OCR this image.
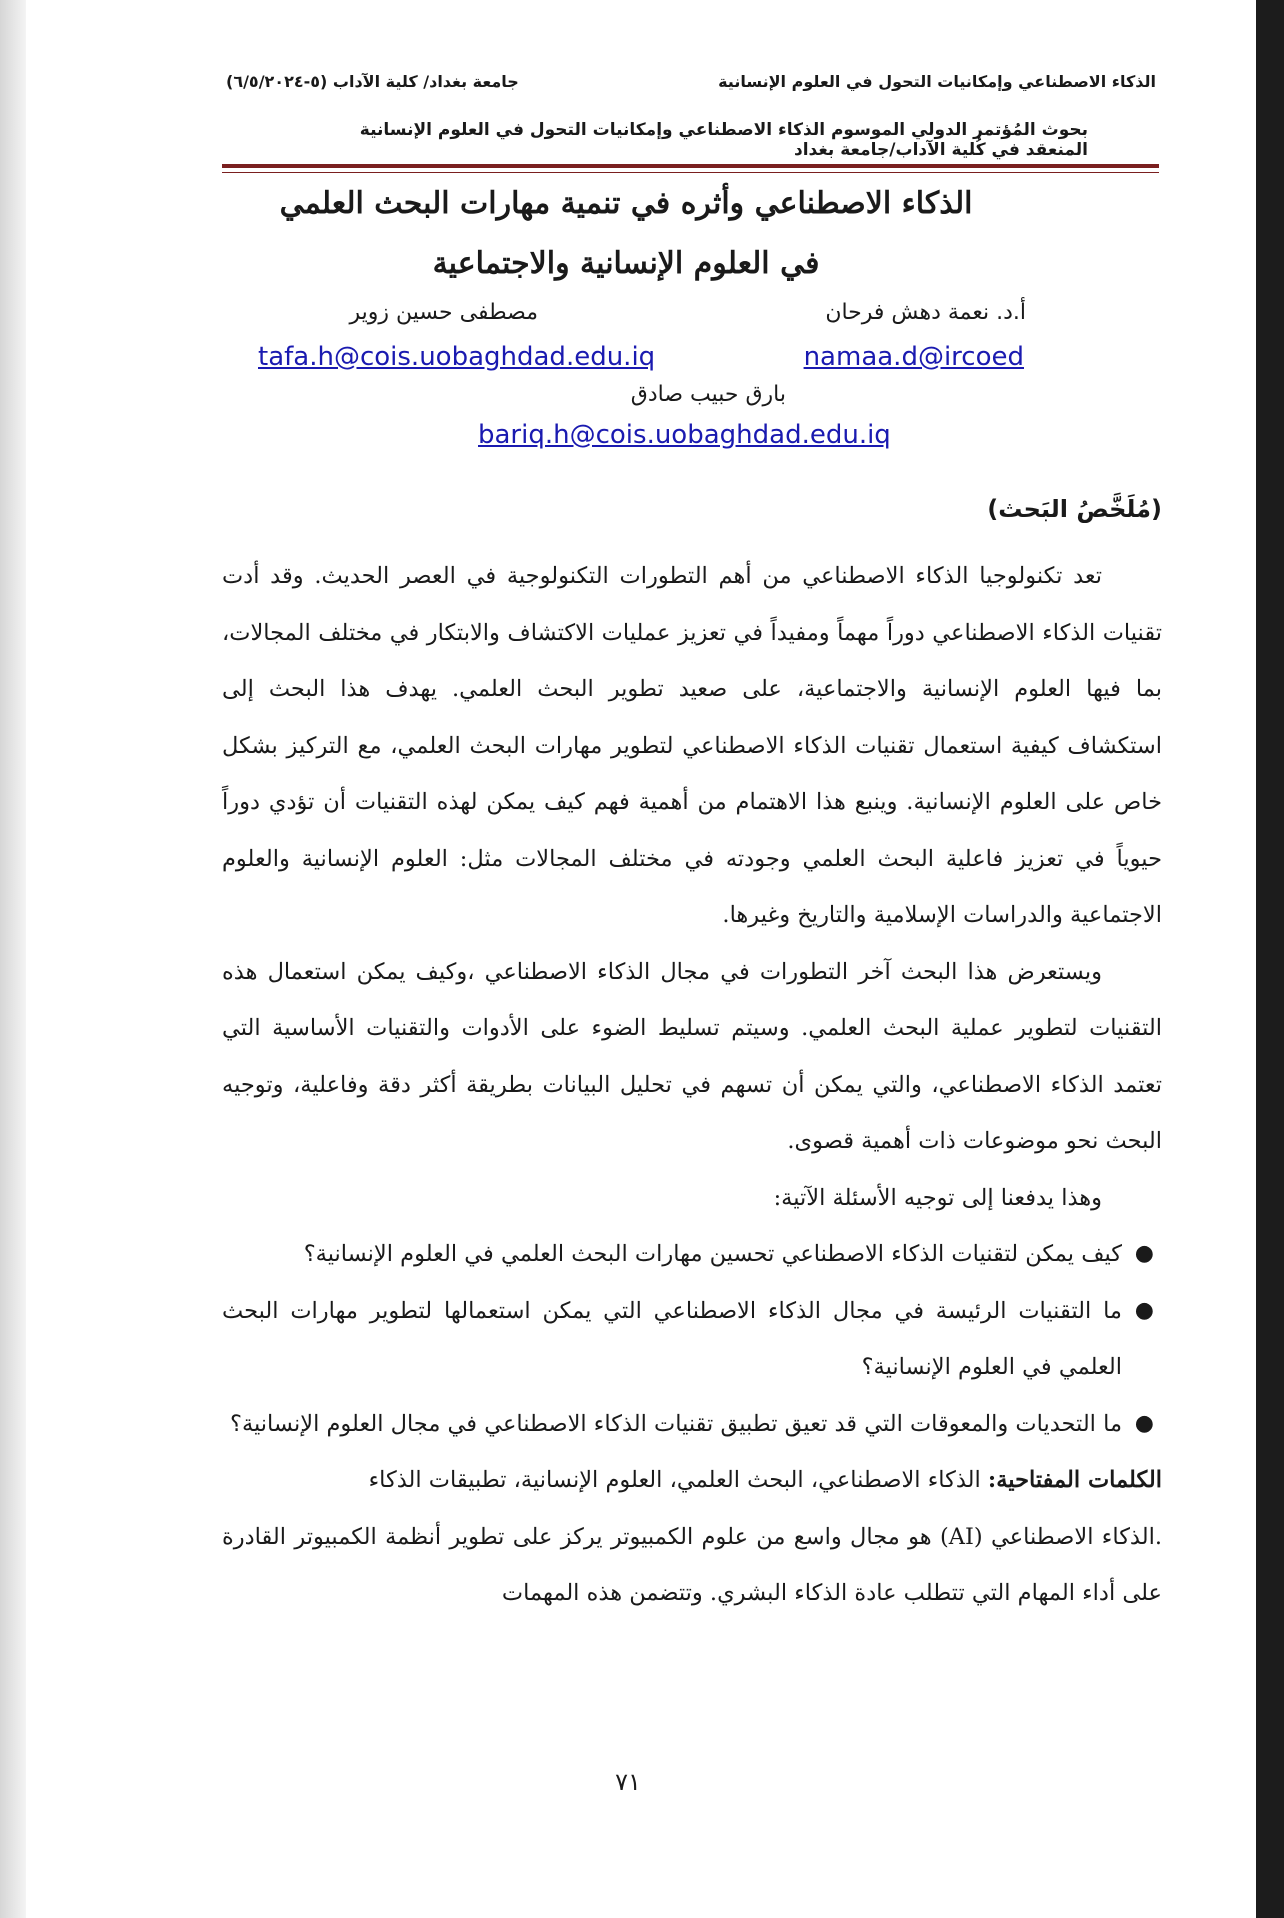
الذكاء الاصطناعي وإمكانيات التحول في العلوم الإنسانية
جامعة بغداد/ كلية الآداب (٥-٦/٥/٢٠٢٤)
بحوث المُؤتمر الدولي الموسوم الذكاء الاصطناعي وإمكانيات التحول في العلوم الإنسانية المنعقد في كُلية الآداب/جامعة بغداد
الذكاء الاصطناعي وأثره في تنمية مهارات البحث العلمي
في العلوم الإنسانية والاجتماعية
أ.د. نعمة دهش فرحان
namaa.d@ircoed
مصطفى حسين زوير
tafa.h@cois.uobaghdad.edu.iq
بارق حبيب صادق
bariq.h@cois.uobaghdad.edu.iq
(مُلَخَّصُ البَحث)

تعد تكنولوجيا الذكاء الاصطناعي من أهم التطورات التكنولوجية في العصر الحديث. وقد أدت تقنيات الذكاء الاصطناعي دوراً مهماً ومفيداً في تعزيز عمليات الاكتشاف والابتكار في مختلف المجالات، بما فيها العلوم الإنسانية والاجتماعية، على صعيد تطوير البحث العلمي. يهدف هذا البحث إلى استكشاف كيفية استعمال تقنيات الذكاء الاصطناعي لتطوير مهارات البحث العلمي، مع التركيز بشكل خاص على العلوم الإنسانية. وينبع هذا الاهتمام من أهمية فهم كيف يمكن لهذه التقنيات أن تؤدي دوراً حيوياً في تعزيز فاعلية البحث العلمي وجودته في مختلف المجالات مثل: العلوم الإنسانية والعلوم الاجتماعية والدراسات الإسلامية والتاريخ وغيرها.

ويستعرض هذا البحث آخر التطورات في مجال الذكاء الاصطناعي ،وكيف يمكن استعمال هذه التقنيات لتطوير عملية البحث العلمي. وسيتم تسليط الضوء على الأدوات والتقنيات الأساسية التي تعتمد الذكاء الاصطناعي، والتي يمكن أن تسهم في تحليل البيانات بطريقة أكثر دقة وفاعلية، وتوجيه البحث نحو موضوعات ذات أهمية قصوى.

وهذا يدفعنا إلى توجيه الأسئلة الآتية:

●
كيف يمكن لتقنيات الذكاء الاصطناعي تحسين مهارات البحث العلمي في العلوم الإنسانية؟
●
ما التقنيات الرئيسة في مجال الذكاء الاصطناعي التي يمكن استعمالها لتطوير مهارات البحث العلمي في العلوم الإنسانية؟
●
ما التحديات والمعوقات التي قد تعيق تطبيق تقنيات الذكاء الاصطناعي في مجال العلوم الإنسانية؟

الكلمات المفتاحية: الذكاء الاصطناعي، البحث العلمي، العلوم الإنسانية، تطبيقات الذكاء

.الذكاء الاصطناعي (AI) هو مجال واسع من علوم الكمبيوتر يركز على تطوير أنظمة الكمبيوتر القادرة على أداء المهام التي تتطلب عادة الذكاء البشري. وتتضمن هذه المهمات

٧١
